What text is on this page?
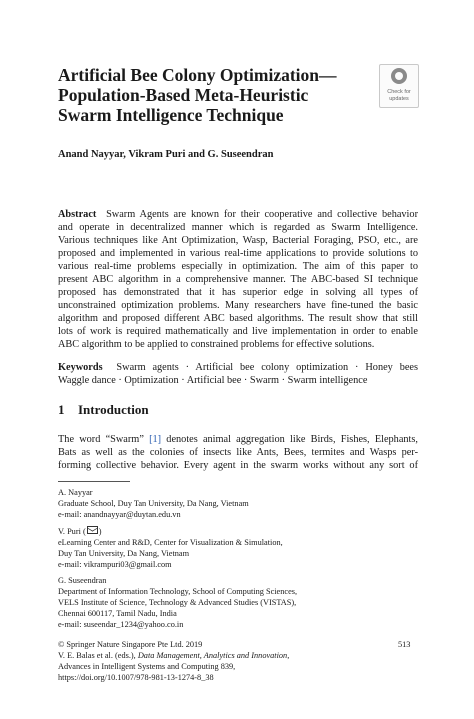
Artificial Bee Colony Optimization—
Population-Based Meta-Heuristic
Swarm Intelligence Technique
Check for
updates
Anand Nayyar, Vikram Puri and G. Suseendran

Abstract Swarm Agents are known for their cooperative and collective behavior
and operate in decentralized manner which is regarded as Swarm Intelligence.
Various techniques like Ant Optimization, Wasp, Bacterial Foraging, PSO, etc., are
proposed and implemented in various real-time applications to provide solutions to
various real-time problems especially in optimization. The aim of this paper to
present ABC algorithm in a comprehensive manner. The ABC-based SI technique
proposed has demonstrated that it has superior edge in solving all types of
unconstrained optimization problems. Many researchers have fine-tuned the basic
algorithm and proposed different ABC based algorithms. The result show that still
lots of work is required mathematically and live implementation in order to enable
ABC algorithm to be applied to constrained problems for effective solutions.

Keywords Swarm agents · Artificial bee colony optimization · Honey bees
Waggle dance · Optimization · Artificial bee · Swarm · Swarm intelligence

1 Introduction

The word “Swarm” [1] denotes animal aggregation like Birds, Fishes, Elephants,
Bats as well as the colonies of insects like Ants, Bees, termites and Wasps per-
forming collective behavior. Every agent in the swarm works without any sort of

A. Nayyar
Graduate School, Duy Tan University, Da Nang, Vietnam
e-mail: anandnayyar@duytan.edu.vn

V. Puri ( )
eLearning Center and R&D, Center for Visualization & Simulation,
Duy Tan University, Da Nang, Vietnam
e-mail: vikrampuri03@gmail.com

G. Suseendran
Department of Information Technology, School of Computing Sciences,
VELS Institute of Science, Technology & Advanced Studies (VISTAS),
Chennai 600117, Tamil Nadu, India
e-mail: suseendar_1234@yahoo.co.in

© Springer Nature Singapore Pte Ltd. 2019
V. E. Balas et al. (eds.), Data Management, Analytics and Innovation,
Advances in Intelligent Systems and Computing 839,
https://doi.org/10.1007/978-981-13-1274-8_38

513
